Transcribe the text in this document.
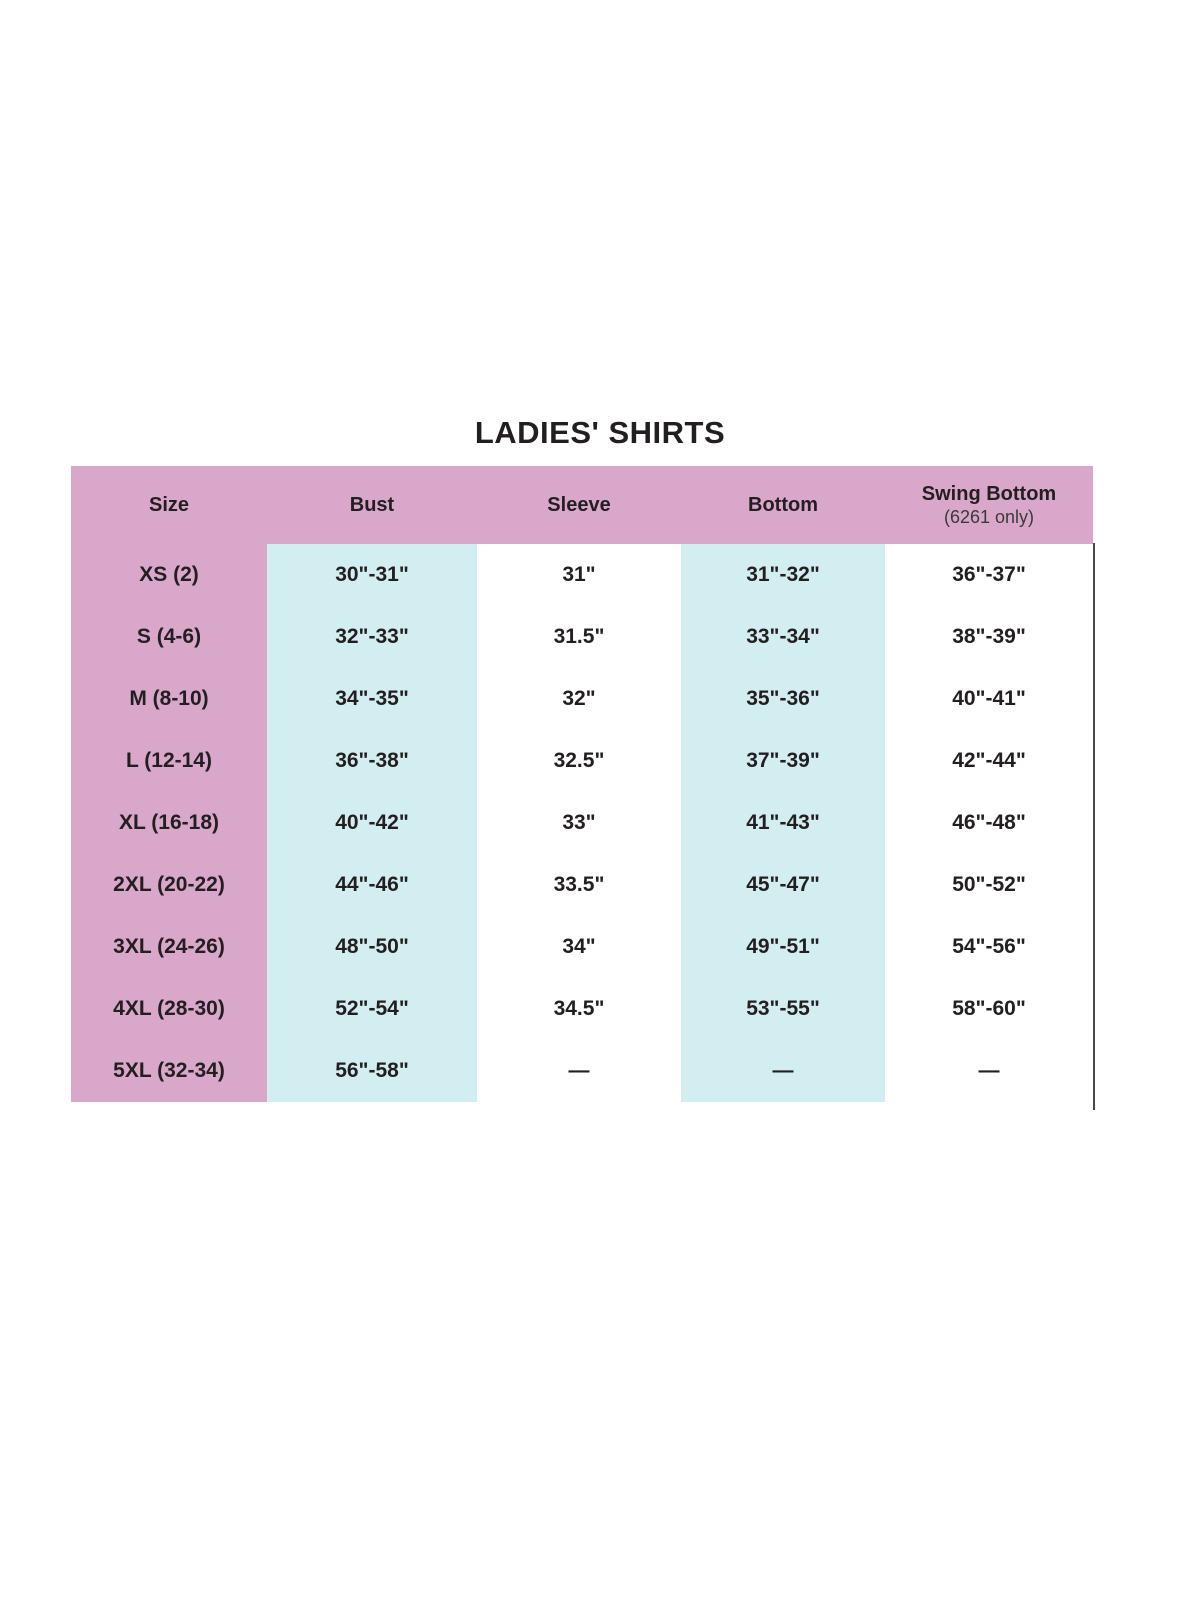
LADIES' SHIRTS
Size	Bust	Sleeve	Bottom	Swing Bottom
(6261 only)

XS (2)	30"-31"	31"	31"-32"	36"-37"
S (4-6)	32"-33"	31.5"	33"-34"	38"-39"
M (8-10)	34"-35"	32"	35"-36"	40"-41"
L (12-14)	36"-38"	32.5"	37"-39"	42"-44"
XL (16-18)	40"-42"	33"	41"-43"	46"-48"
2XL (20-22)	44"-46"	33.5"	45"-47"	50"-52"
3XL (24-26)	48"-50"	34"	49"-51"	54"-56"
4XL (28-30)	52"-54"	34.5"	53"-55"	58"-60"
5XL (32-34)	56"-58"	—	—	—
